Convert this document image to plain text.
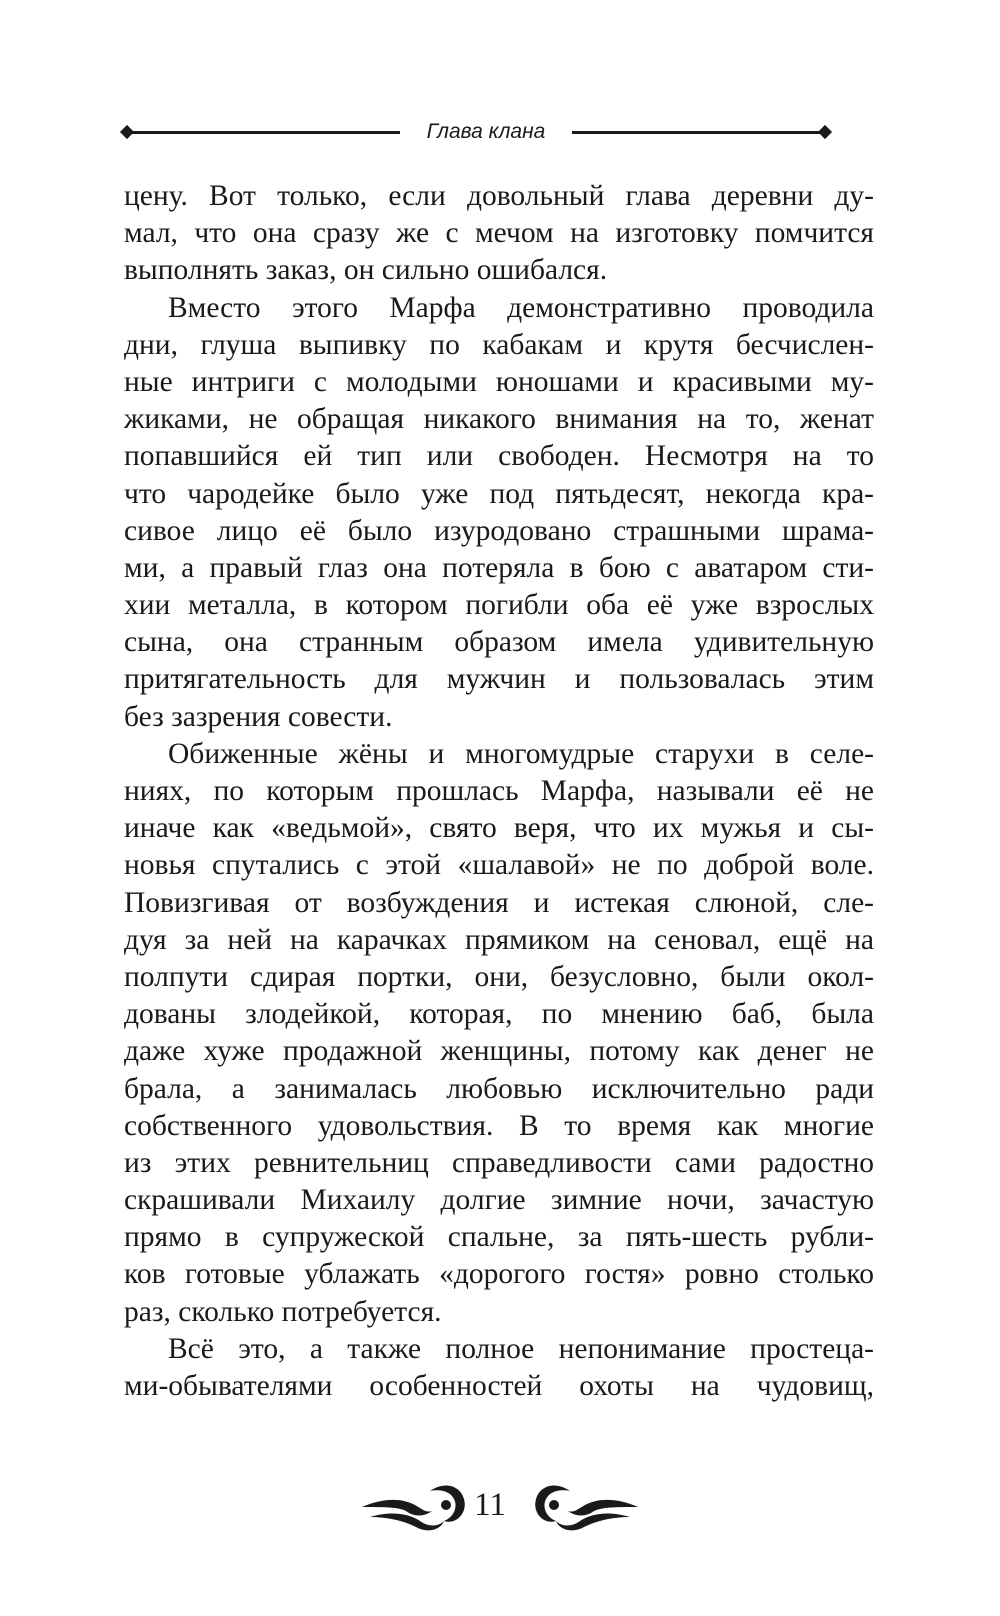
Глава клана
цену. Вот только, если довольный глава деревни ду-
мал, что она сразу же с мечом на изготовку помчится
выполнять заказ, он сильно ошибался.
Вместо этого Марфа демонстративно проводила
дни, глуша выпивку по кабакам и крутя бесчислен-
ные интриги с молодыми юношами и красивыми му-
жиками, не обращая никакого внимания на то, женат
попавшийся ей тип или свободен. Несмотря на то
что чародейке было уже под пятьдесят, некогда кра-
сивое лицо её было изуродовано страшными шрама-
ми, а правый глаз она потеряла в бою с аватаром сти-
хии металла, в котором погибли оба её уже взрослых
сына, она странным образом имела удивительную
притягательность для мужчин и пользовалась этим
без зазрения совести.
Обиженные жёны и многомудрые старухи в селе-
ниях, по которым прошлась Марфа, называли её не
иначе как «ведьмой», свято веря, что их мужья и сы-
новья спутались с этой «шалавой» не по доброй воле.
Повизгивая от возбуждения и истекая слюной, сле-
дуя за ней на карачках прямиком на сеновал, ещё на
полпути сдирая портки, они, безусловно, были окол-
дованы злодейкой, которая, по мнению баб, была
даже хуже продажной женщины, потому как денег не
брала, а занималась любовью исключительно ради
собственного удовольствия. В то время как многие
из этих ревнительниц справедливости сами радостно
скрашивали Михаилу долгие зимние ночи, зачастую
прямо в супружеской спальне, за пять-шесть рубли-
ков готовые ублажать «дорогого гостя» ровно столько
раз, сколько потребуется.
Всё это, а также полное непонимание простеца-
ми-обывателями особенностей охоты на чудовищ,
11
